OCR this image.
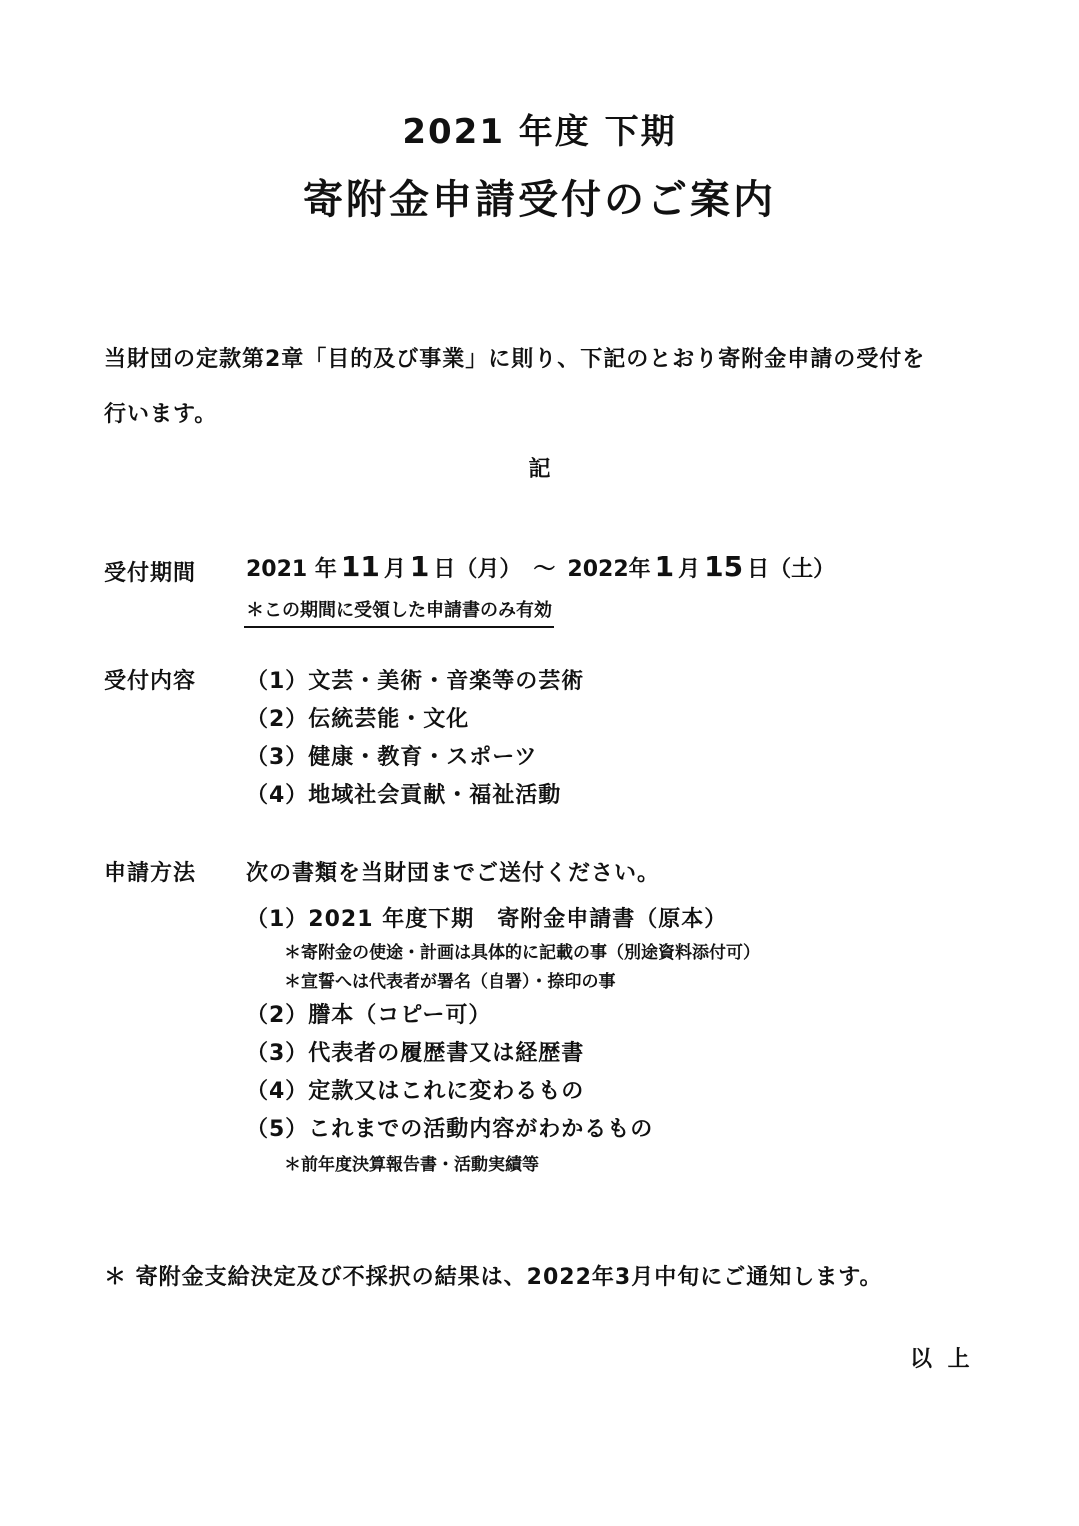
2021 年度 下期
寄附金申請受付のご案内
当財団の定款第2章「目的及び事業」に則り、下記のとおり寄附金申請の受付を
行います。
記
受付期間 2021 年 11 月 1 日（月） ～ 2022年 1 月 15 日（土）
＊この期間に受領した申請書のみ有効
受付内容 （1）文芸・美術・音楽等の芸術
（2）伝統芸能・文化
（3）健康・教育・スポーツ
（4）地域社会貢献・福祉活動
申請方法 次の書類を当財団までご送付ください。
（1）2021 年度下期　寄附金申請書（原本）
＊寄附金の使途・計画は具体的に記載の事（別途資料添付可）
＊宣誓へは代表者が署名（自署）・捺印の事
（2）謄本（コピー可）
（3）代表者の履歴書又は経歴書
（4）定款又はこれに変わるもの
（5）これまでの活動内容がわかるもの
＊前年度決算報告書・活動実績等
＊ 寄附金支給決定及び不採択の結果は、2022年3月中旬にご通知します。
以 上
